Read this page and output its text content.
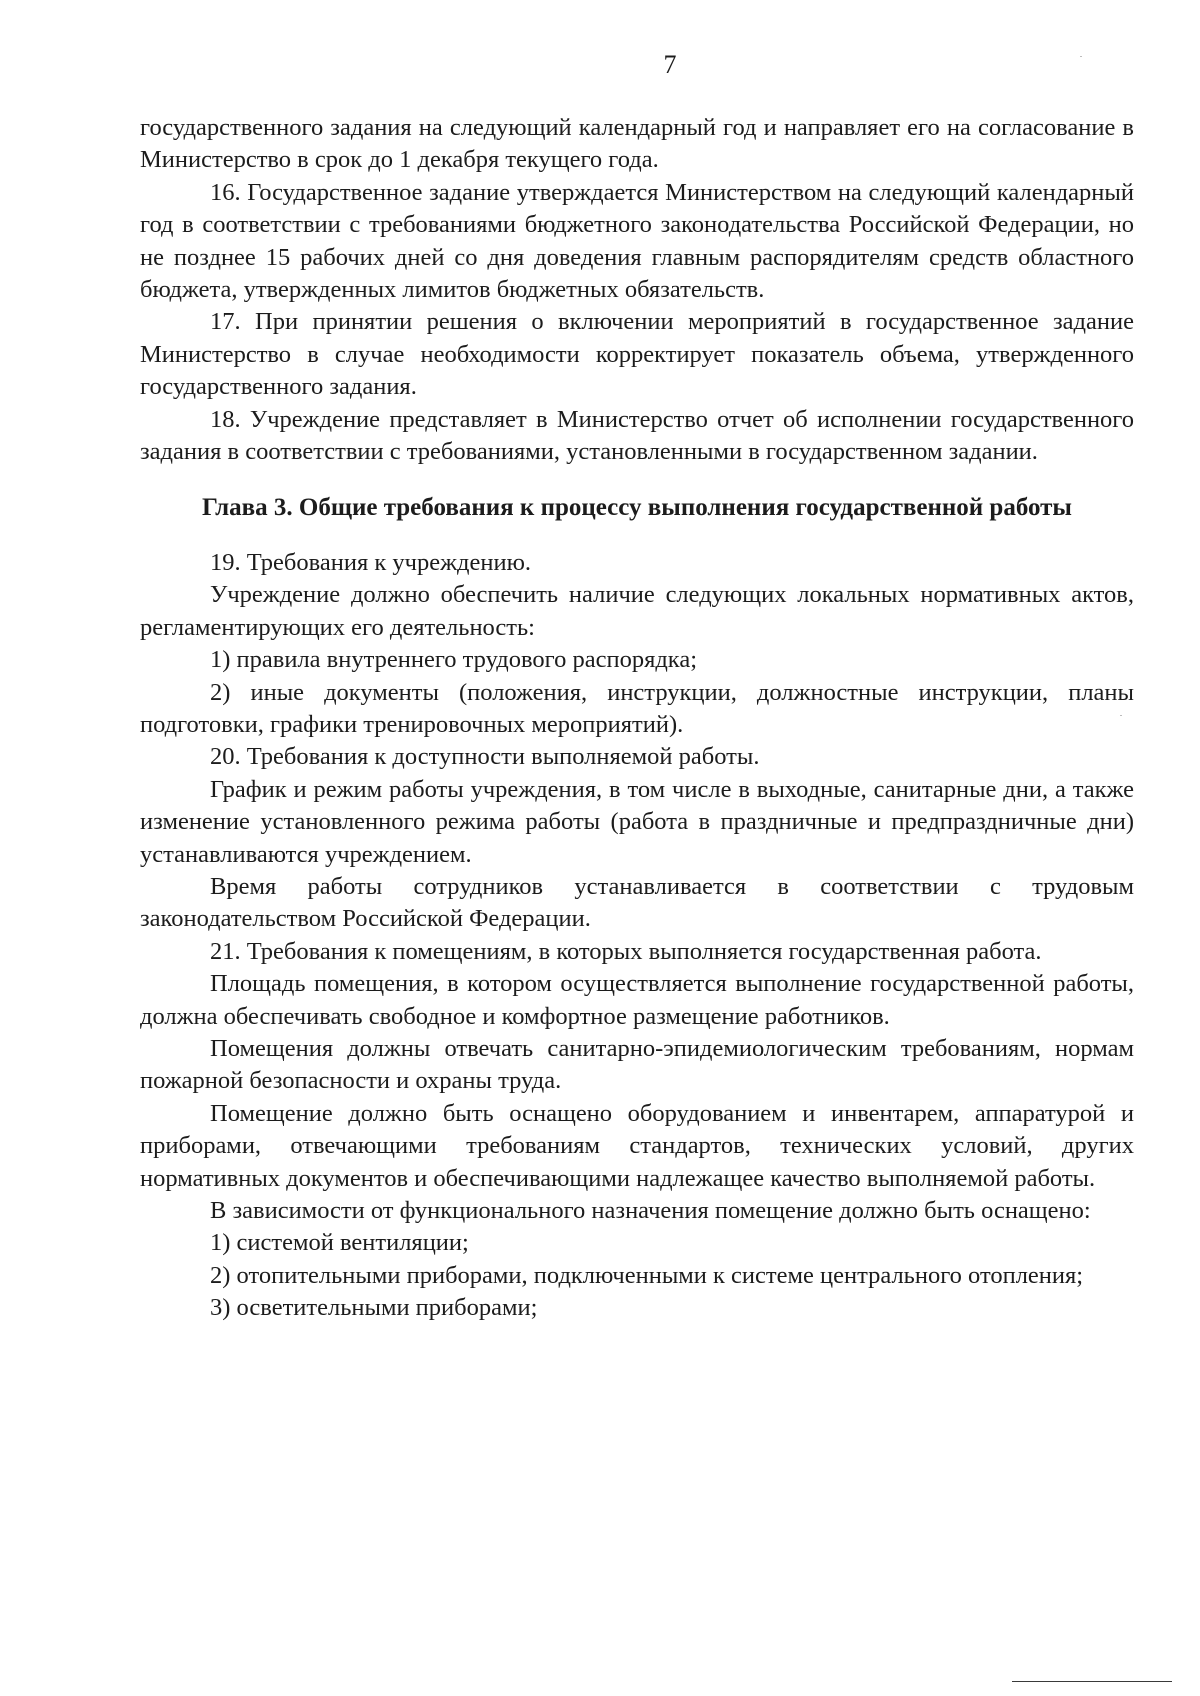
7

государственного задания на следующий календарный год и направляет его на согласование в Министерство в срок до 1 декабря текущего года.

16. Государственное задание утверждается Министерством на следующий календарный год в соответствии с требованиями бюджетного законодательства Российской Федерации, но не позднее 15 рабочих дней со дня доведения главным распорядителям средств областного бюджета, утвержденных лимитов бюджетных обязательств.

17. При принятии решения о включении мероприятий в государственное задание Министерство в случае необходимости корректирует показатель объема, утвержденного государственного задания.

18. Учреждение представляет в Министерство отчет об исполнении государственного задания в соответствии с требованиями, установленными в государственном задании.

Глава 3. Общие требования к процессу выполнения государственной работы

19. Требования к учреждению.

Учреждение должно обеспечить наличие следующих локальных нормативных актов, регламентирующих его деятельность:

1) правила внутреннего трудового распорядка;

2) иные документы (положения, инструкции, должностные инструкции, планы подготовки, графики тренировочных мероприятий).

20. Требования к доступности выполняемой работы.

График и режим работы учреждения, в том числе в выходные, санитарные дни, а также изменение установленного режима работы (работа в праздничные и предпраздничные дни) устанавливаются учреждением.

Время работы сотрудников устанавливается в соответствии с трудовым законодательством Российской Федерации.

21. Требования к помещениям, в которых выполняется государственная работа.

Площадь помещения, в котором осуществляется выполнение государственной работы, должна обеспечивать свободное и комфортное размещение работников.

Помещения должны отвечать санитарно-эпидемиологическим требованиям, нормам пожарной безопасности и охраны труда.

Помещение должно быть оснащено оборудованием и инвентарем, аппаратурой и приборами, отвечающими требованиям стандартов, технических условий, других нормативных документов и обеспечивающими надлежащее качество выполняемой работы.

В зависимости от функционального назначения помещение должно быть оснащено:

1) системой вентиляции;

2) отопительными приборами, подключенными к системе центрального отопления;

3) осветительными приборами;
